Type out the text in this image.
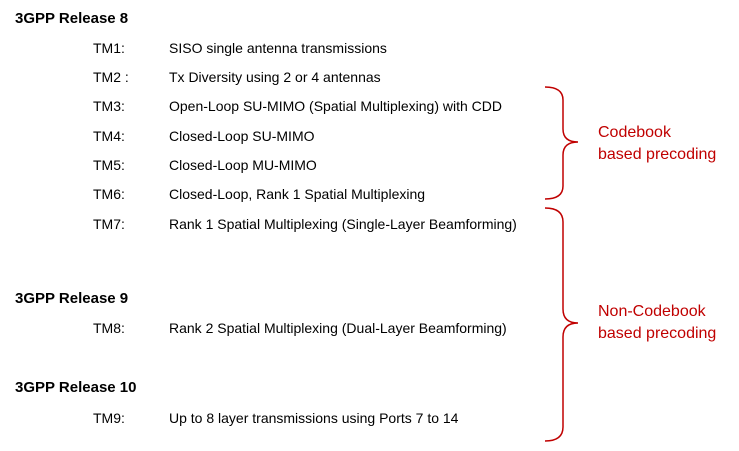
3GPP Release 8
TM1:	SISO single antenna transmissions
TM2 :	Tx Diversity using 2 or 4 antennas
TM3:	Open-Loop SU-MIMO (Spatial Multiplexing) with CDD
TM4:	Closed-Loop SU-MIMO
TM5:	Closed-Loop MU-MIMO
TM6:	Closed-Loop, Rank 1 Spatial Multiplexing
TM7:	Rank 1 Spatial Multiplexing (Single-Layer Beamforming)
3GPP Release 9
TM8:	Rank 2 Spatial Multiplexing (Dual-Layer Beamforming)
3GPP Release 10
TM9:	Up to 8 layer transmissions using Ports 7 to 14
Codebook
based precoding
Non-Codebook
based precoding
